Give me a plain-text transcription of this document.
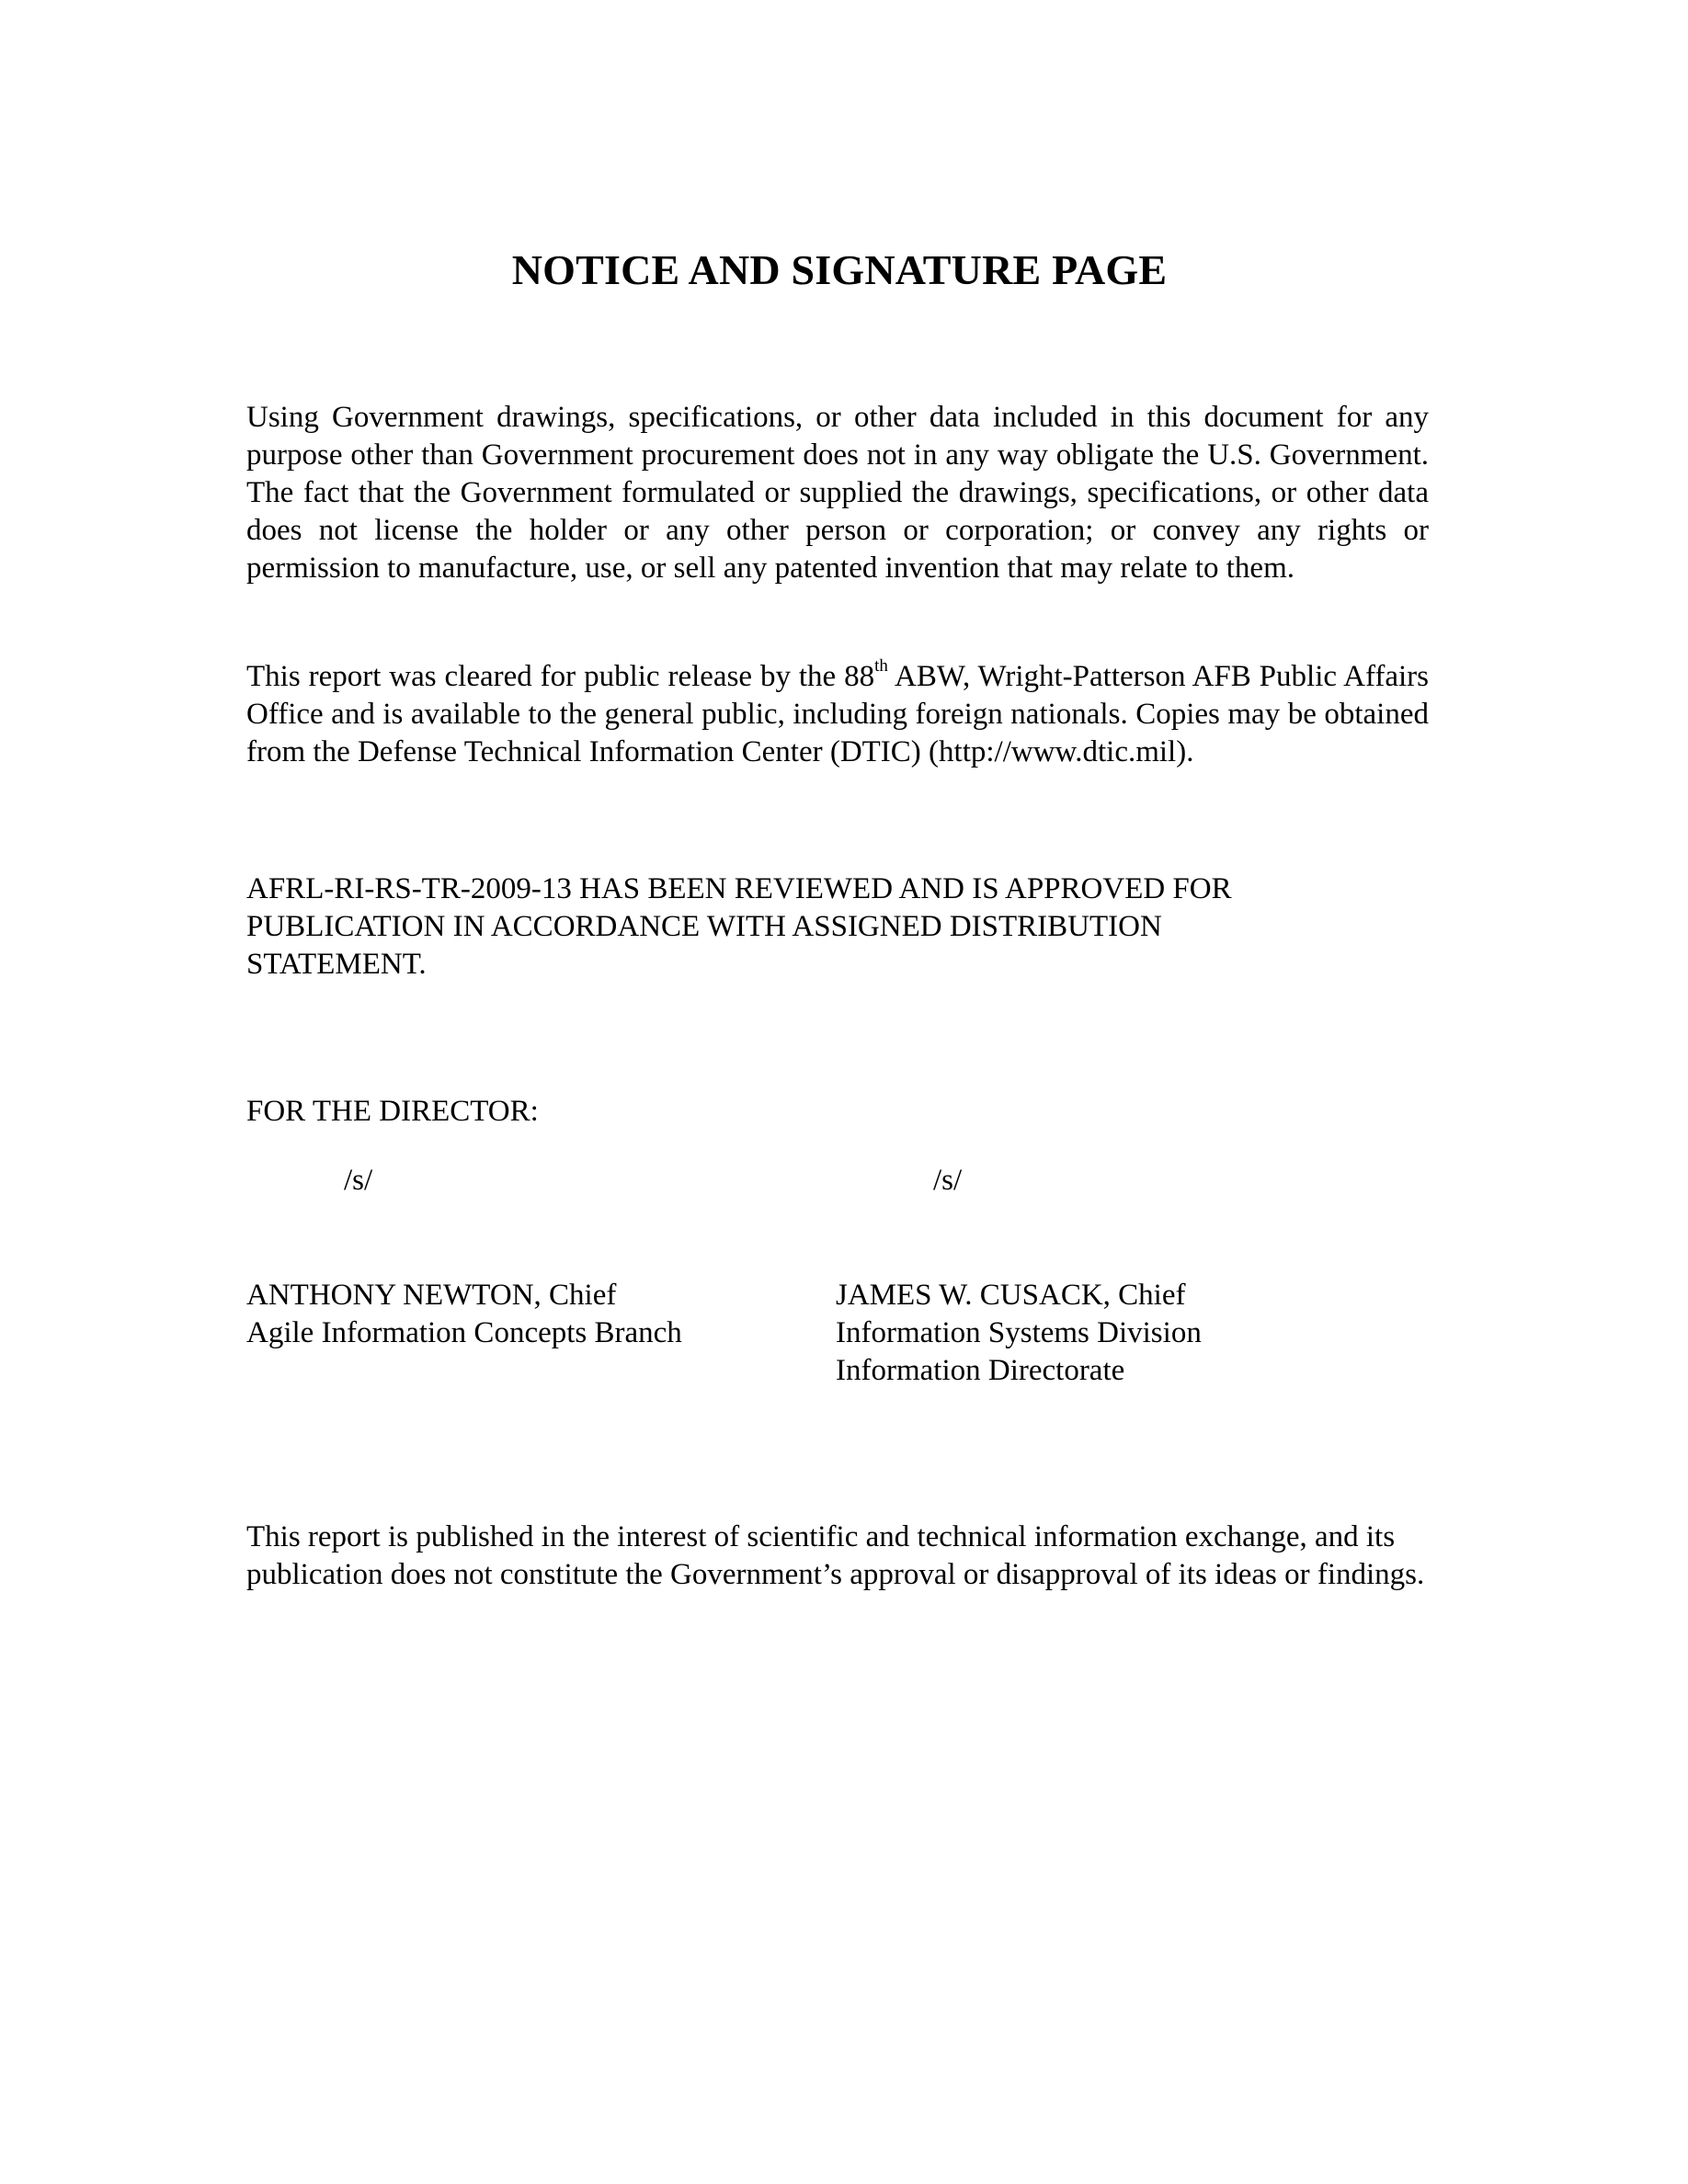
NOTICE AND SIGNATURE PAGE
Using Government drawings, specifications, or other data included in this document for any purpose other than Government procurement does not in any way obligate the U.S. Government. The fact that the Government formulated or supplied the drawings, specifications, or other data does not license the holder or any other person or corporation; or convey any rights or permission to manufacture, use, or sell any patented invention that may relate to them.
This report was cleared for public release by the 88th ABW, Wright-Patterson AFB Public Affairs Office and is available to the general public, including foreign nationals. Copies may be obtained from the Defense Technical Information Center (DTIC) (http://www.dtic.mil).
AFRL-RI-RS-TR-2009-13 HAS BEEN REVIEWED AND IS APPROVED FOR
PUBLICATION IN ACCORDANCE WITH ASSIGNED DISTRIBUTION
STATEMENT.
FOR THE DIRECTOR:
/s/	/s/
ANTHONY NEWTON, Chief
Agile Information Concepts Branch
JAMES W. CUSACK, Chief
Information Systems Division
Information Directorate
This report is published in the interest of scientific and technical information exchange, and its
publication does not constitute the Government’s approval or disapproval of its ideas or findings.
